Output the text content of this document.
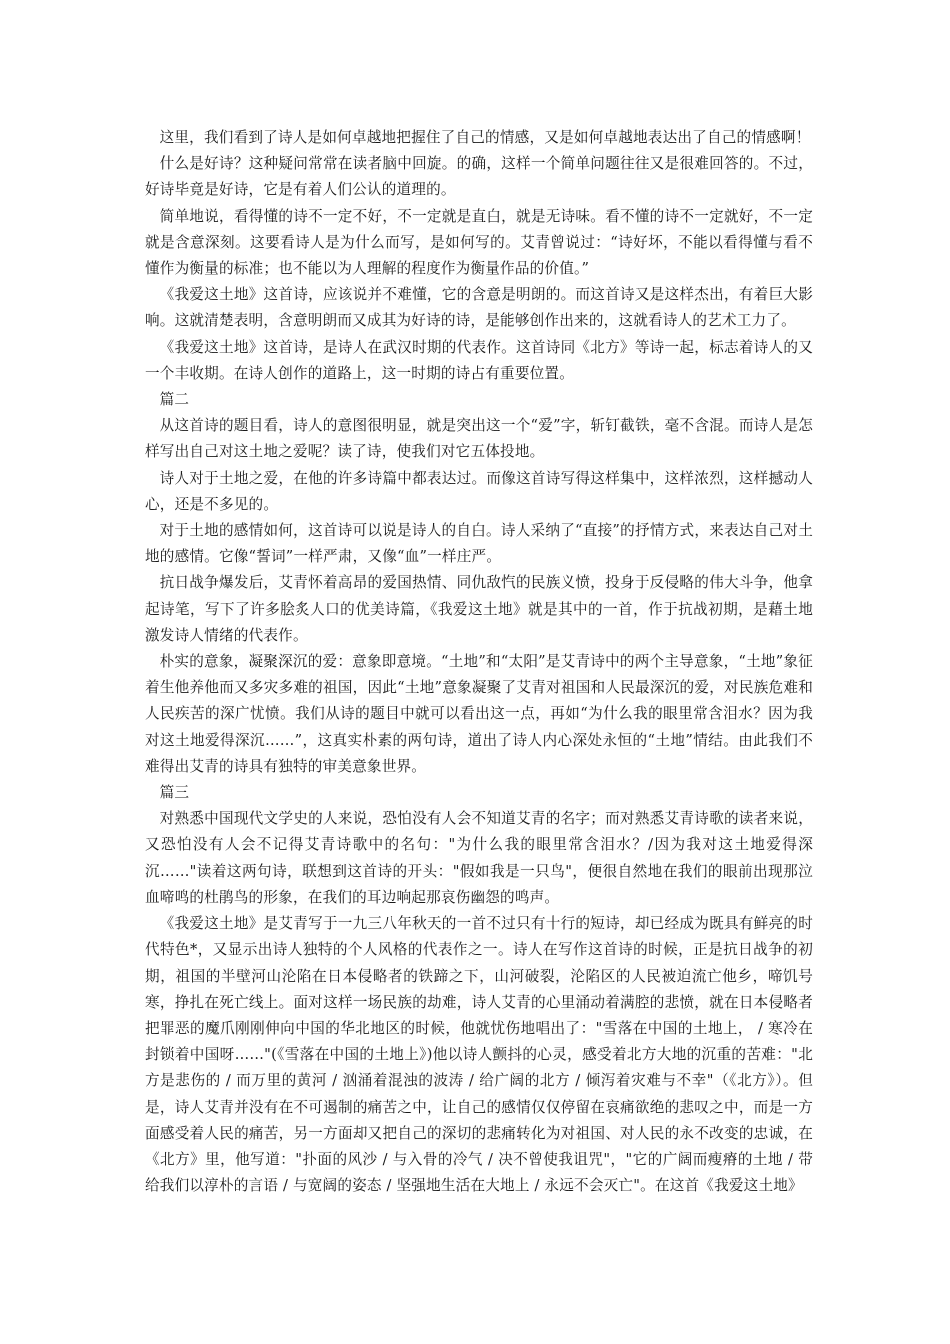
这里，我们看到了诗人是如何卓越地把握住了自己的情感，又是如何卓越地表达出了自己的情感啊！

什么是好诗？这种疑问常常在读者脑中回旋。的确，这样一个简单问题往往又是很难回答的。不过，好诗毕竟是好诗，它是有着人们公认的道理的。

简单地说，看得懂的诗不一定不好，不一定就是直白，就是无诗味。看不懂的诗不一定就好，不一定就是含意深刻。这要看诗人是为什么而写，是如何写的。艾青曾说过：“诗好坏，不能以看得懂与看不懂作为衡量的标准；也不能以为人理解的程度作为衡量作品的价值。”

《我爱这土地》这首诗，应该说并不难懂，它的含意是明朗的。而这首诗又是这样杰出，有着巨大影响。这就清楚表明，含意明朗而又成其为好诗的诗，是能够创作出来的，这就看诗人的艺术工力了。

《我爱这土地》这首诗，是诗人在武汉时期的代表作。这首诗同《北方》等诗一起，标志着诗人的又一个丰收期。在诗人创作的道路上，这一时期的诗占有重要位置。

篇二

从这首诗的题目看，诗人的意图很明显，就是突出这一个“爱”字，斩钉截铁，毫不含混。而诗人是怎样写出自己对这土地之爱呢？读了诗，使我们对它五体投地。

诗人对于土地之爱，在他的许多诗篇中都表达过。而像这首诗写得这样集中，这样浓烈，这样撼动人心，还是不多见的。

对于土地的感情如何，这首诗可以说是诗人的自白。诗人采纳了“直接”的抒情方式，来表达自己对土地的感情。它像“誓词”一样严肃，又像“血”一样庄严。

抗日战争爆发后，艾青怀着高昂的爱国热情、同仇敌忾的民族义愤，投身于反侵略的伟大斗争，他拿起诗笔，写下了许多脍炙人口的优美诗篇，《我爱这土地》就是其中的一首，作于抗战初期，是藉土地激发诗人情绪的代表作。

朴实的意象，凝聚深沉的爱：意象即意境。“土地”和“太阳”是艾青诗中的两个主导意象，“土地”象征着生他养他而又多灾多难的祖国，因此“土地”意象凝聚了艾青对祖国和人民最深沉的爱，对民族危难和人民疾苦的深广忧愤。我们从诗的题目中就可以看出这一点，再如“为什么我的眼里常含泪水？因为我对这土地爱得深沉……”，这真实朴素的两句诗，道出了诗人内心深处永恒的“土地”情结。由此我们不难得出艾青的诗具有独特的审美意象世界。

篇三

对熟悉中国现代文学史的人来说，恐怕没有人会不知道艾青的名字；而对熟悉艾青诗歌的读者来说，又恐怕没有人会不记得艾青诗歌中的名句："为什么我的眼里常含泪水？/因为我对这土地爱得深沉……"读着这两句诗，联想到这首诗的开头："假如我是一只鸟"，便很自然地在我们的眼前出现那泣血啼鸣的杜鹃鸟的形象，在我们的耳边响起那哀伤幽怨的鸣声。

《我爱这土地》是艾青写于一九三八年秋天的一首不过只有十行的短诗，却已经成为既具有鲜亮的时代特色*，又显示出诗人独特的个人风格的代表作之一。诗人在写作这首诗的时候，正是抗日战争的初期，祖国的半壁河山沦陷在日本侵略者的铁蹄之下，山河破裂，沦陷区的人民被迫流亡他乡，啼饥号寒，挣扎在死亡线上。面对这样一场民族的劫难，诗人艾青的心里涌动着满腔的悲愤，就在日本侵略者把罪恶的魔爪刚刚伸向中国的华北地区的时候，他就忧伤地唱出了："雪落在中国的土地上， / 寒冷在封锁着中国呀……"(《雪落在中国的土地上》)他以诗人颤抖的心灵，感受着北方大地的沉重的苦难："北方是悲伤的 / 而万里的黄河 / 汹涌着混浊的波涛 / 给广阔的北方 / 倾泻着灾难与不幸"（《北方》）。但是，诗人艾青并没有在不可遏制的痛苦之中，让自己的感情仅仅停留在哀痛欲绝的悲叹之中，而是一方面感受着人民的痛苦，另一方面却又把自己的深切的悲痛转化为对祖国、对人民的永不改变的忠诚，在《北方》里，他写道："扑面的风沙 / 与入骨的冷气 / 决不曾使我诅咒"，"它的广阔而瘦瘠的土地 / 带给我们以淳朴的言语 / 与宽阔的姿态 / 坚强地生活在大地上 / 永远不会灭亡"。在这首《我爱这土地》
